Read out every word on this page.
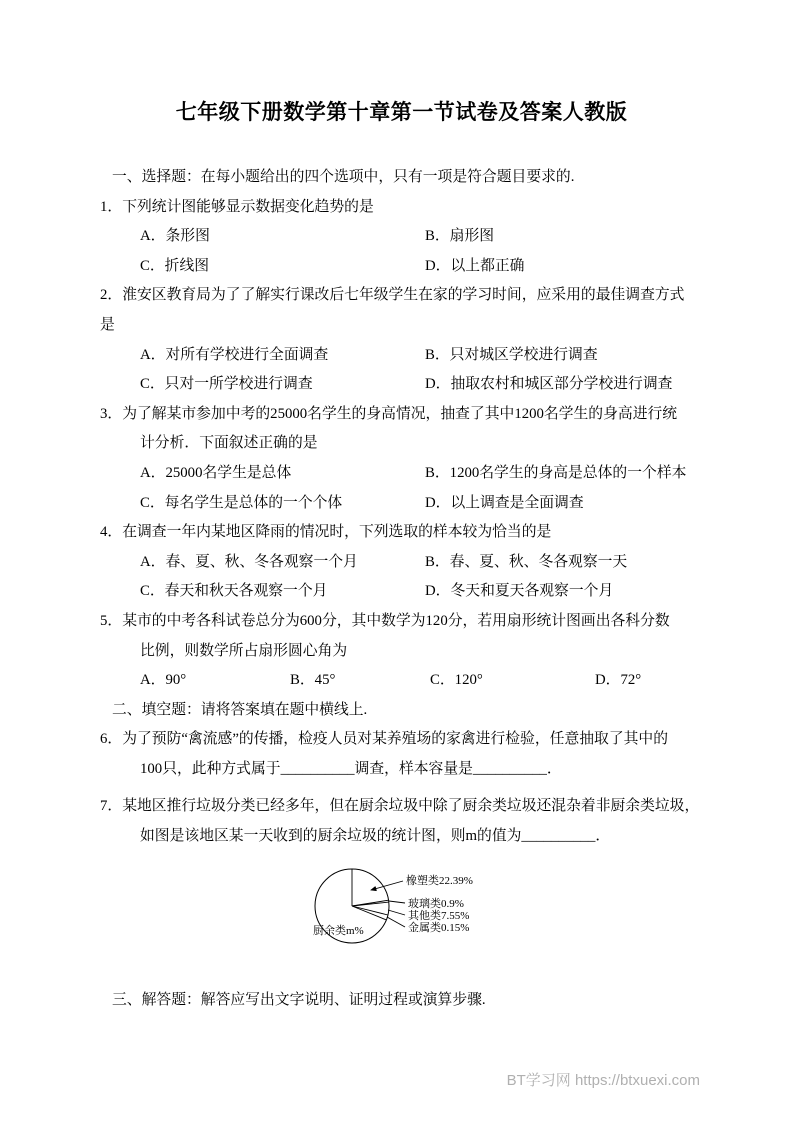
七年级下册数学第十章第一节试卷及答案人教版
一、选择题：在每小题给出的四个选项中，只有一项是符合题目要求的.
1．下列统计图能够显示数据变化趋势的是
A．条形图	B．扇形图
C．折线图	D．以上都正确
2．淮安区教育局为了了解实行课改后七年级学生在家的学习时间，应采用的最佳调查方式
是
A．对所有学校进行全面调查	B．只对城区学校进行调查
C．只对一所学校进行调查	D．抽取农村和城区部分学校进行调查
3．为了解某市参加中考的25000名学生的身高情况，抽查了其中1200名学生的身高进行统
计分析．下面叙述正确的是
A．25000名学生是总体	B．1200名学生的身高是总体的一个样本
C．每名学生是总体的一个个体	D．以上调查是全面调查
4．在调查一年内某地区降雨的情况时，下列选取的样本较为恰当的是
A．春、夏、秋、冬各观察一个月	B．春、夏、秋、冬各观察一天
C．春天和秋天各观察一个月	D．冬天和夏天各观察一个月
5．某市的中考各科试卷总分为600分，其中数学为120分，若用扇形统计图画出各科分数
比例，则数学所占扇形圆心角为
A．90°	B．45°	C．120°	D．72°
二、填空题：请将答案填在题中横线上.
6．为了预防“禽流感”的传播，检疫人员对某养殖场的家禽进行检验，任意抽取了其中的
100只，此种方式属于__________调查，样本容量是__________．
7．某地区推行垃圾分类已经多年，但在厨余垃圾中除了厨余类垃圾还混杂着非厨余类垃圾，
如图是该地区某一天收到的厨余垃圾的统计图，则m的值为__________．
橡塑类22.39%
玻璃类0.9%
其他类7.55%
金属类0.15%
厨余类m%
三、解答题：解答应写出文字说明、证明过程或演算步骤.
BT学习网 https://btxuexi.com
